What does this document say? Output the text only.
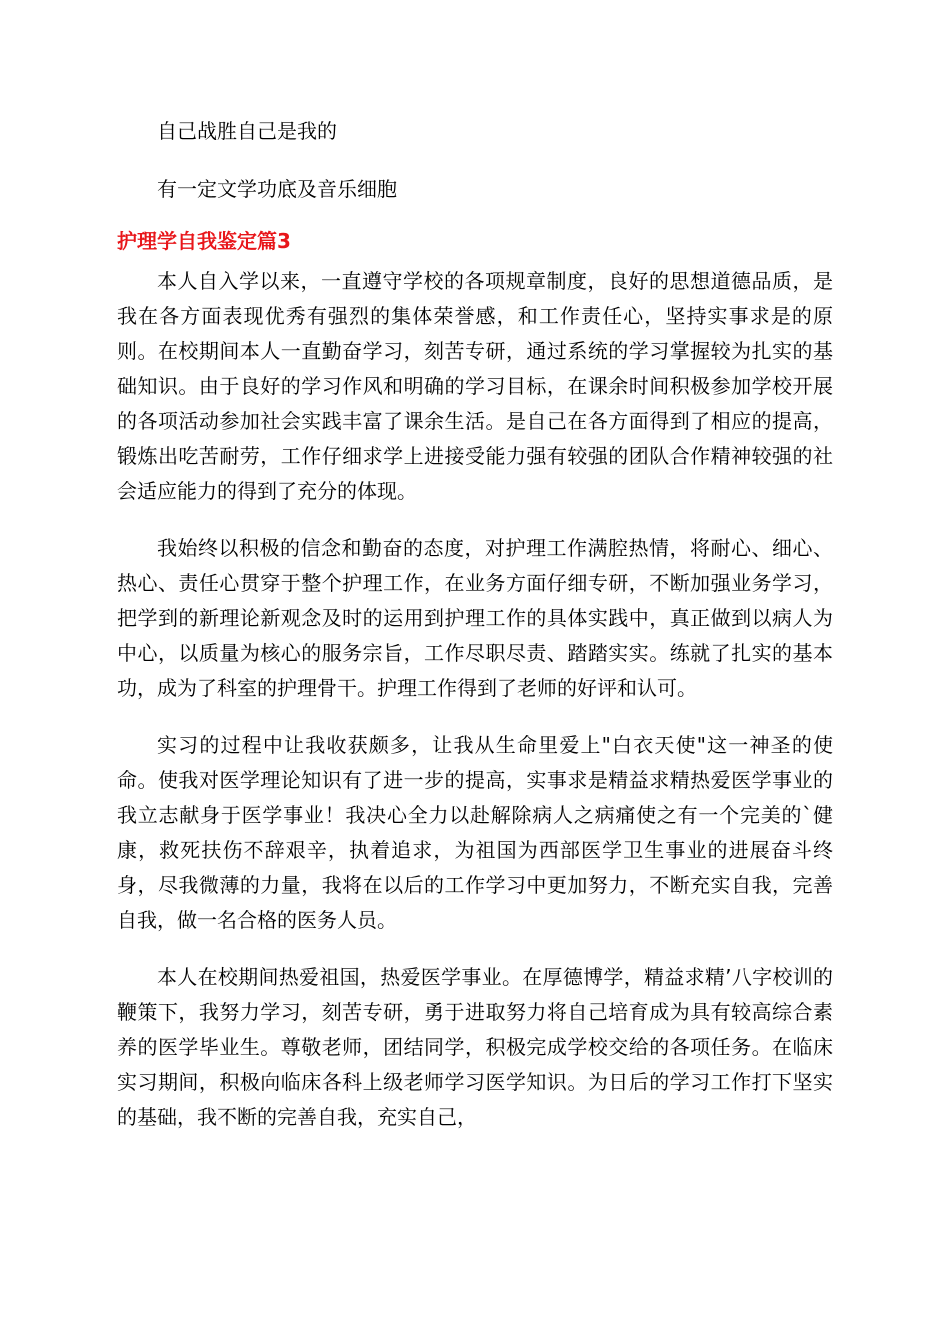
自己战胜自己是我的

有一定文学功底及音乐细胞

护理学自我鉴定篇3

本人自入学以来，一直遵守学校的各项规章制度，良好的思想道德品质，是我在各方面表现优秀有强烈的集体荣誉感，和工作责任心，坚持实事求是的原则。在校期间本人一直勤奋学习，刻苦专研，通过系统的学习掌握较为扎实的基础知识。由于良好的学习作风和明确的学习目标，在课余时间积极参加学校开展的各项活动参加社会实践丰富了课余生活。是自己在各方面得到了相应的提高，锻炼出吃苦耐劳，工作仔细求学上进接受能力强有较强的团队合作精神较强的社会适应能力的得到了充分的体现。

我始终以积极的信念和勤奋的态度，对护理工作满腔热情，将耐心、细心、热心、责任心贯穿于整个护理工作，在业务方面仔细专研，不断加强业务学习，把学到的新理论新观念及时的运用到护理工作的具体实践中，真正做到以病人为中心，以质量为核心的服务宗旨，工作尽职尽责、踏踏实实。练就了扎实的基本功，成为了科室的护理骨干。护理工作得到了老师的好评和认可。

实习的过程中让我收获颇多，让我从生命里爱上"白衣天使"这一神圣的使命。使我对医学理论知识有了进一步的提高，实事求是精益求精热爱医学事业的我立志献身于医学事业！我决心全力以赴解除病人之病痛使之有一个完美的`健康，救死扶伤不辞艰辛，执着追求，为祖国为西部医学卫生事业的进展奋斗终身，尽我微薄的力量，我将在以后的工作学习中更加努力，不断充实自我，完善自我，做一名合格的医务人员。

本人在校期间热爱祖国，热爱医学事业。在厚德博学，精益求精’八字校训的鞭策下，我努力学习，刻苦专研，勇于进取努力将自己培育成为具有较高综合素养的医学毕业生。尊敬老师，团结同学，积极完成学校交给的各项任务。在临床实习期间，积极向临床各科上级老师学习医学知识。为日后的学习工作打下坚实的基础，我不断的完善自我，充实自己，
